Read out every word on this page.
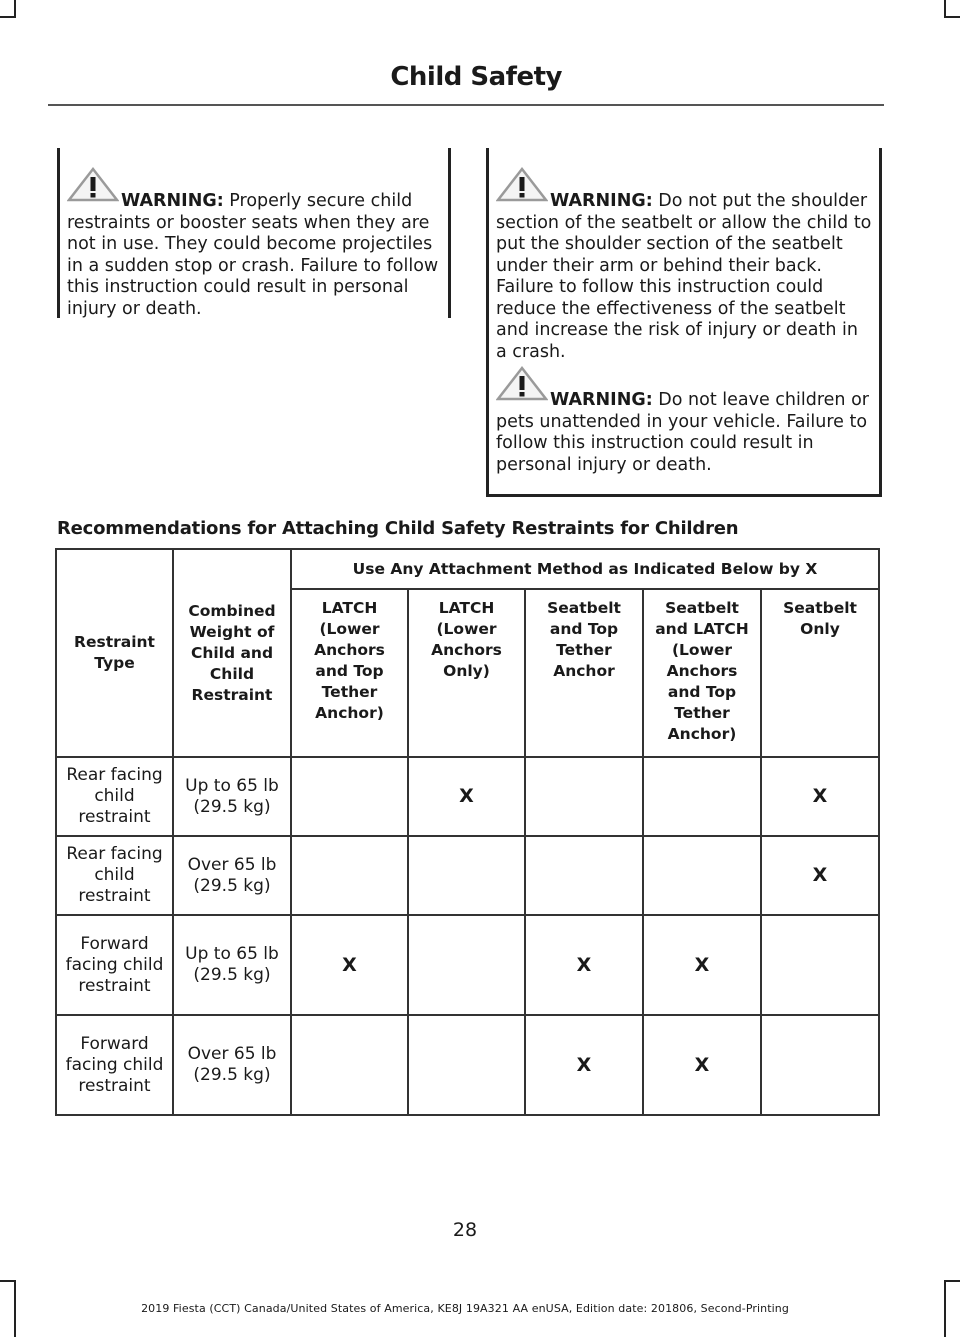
Child Safety

WARNING: Properly secure child restraints or booster seats when they are not in use. They could become projectiles in a sudden stop or crash. Failure to follow this instruction could result in personal injury or death.

WARNING: Do not put the shoulder section of the seatbelt or allow the child to put the shoulder section of the seatbelt under their arm or behind their back. Failure to follow this instruction could reduce the effectiveness of the seatbelt and increase the risk of injury or death in a crash.

WARNING: Do not leave children or pets unattended in your vehicle. Failure to follow this instruction could result in personal injury or death.

Recommendations for Attaching Child Safety Restraints for Children
Restraint Type	Combined Weight of Child and Child Restraint	Use Any Attachment Method as Indicated Below by X				
		LATCH (Lower Anchors and Top Tether Anchor)	LATCH (Lower Anchors Only)	Seatbelt and Top Tether Anchor	Seatbelt and LATCH (Lower Anchors and Top Tether Anchor)	Seatbelt Only
Rear facing child restraint	Up to 65 lb (29.5 kg)		X			X
Rear facing child restraint	Over 65 lb (29.5 kg)					X
Forward facing child restraint	Up to 65 lb (29.5 kg)	X		X	X	
Forward facing child restraint	Over 65 lb (29.5 kg)			X	X	
28
2019 Fiesta (CCT) Canada/United States of America, KE8J 19A321 AA enUSA, Edition date: 201806, Second-Printing
